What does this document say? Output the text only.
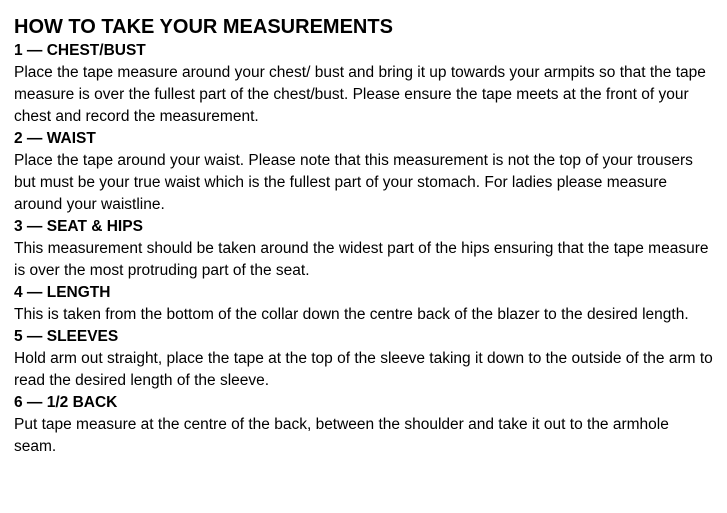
HOW TO TAKE YOUR MEASUREMENTS
1 — CHEST/BUST

Place the tape measure around your chest/ bust and bring it up towards your armpits so that the tape measure is over the fullest part of the chest/bust. Please ensure the tape meets at the front of your chest and record the measurement.

2 — WAIST

Place the tape around your waist. Please note that this measurement is not the top of your trousers but must be your true waist which is the fullest part of your stomach. For ladies please measure around your waistline.

3 — SEAT & HIPS

This measurement should be taken around the widest part of the hips ensuring that the tape measure is over the most protruding part of the seat.

4 — LENGTH

This is taken from the bottom of the collar down the centre back of the blazer to the desired length.

5 — SLEEVES

Hold arm out straight, place the tape at the top of the sleeve taking it down to the outside of the arm to read the desired length of the sleeve.

6 — 1/2 BACK

Put tape measure at the centre of the back, between the shoulder and take it out to the armhole seam.
